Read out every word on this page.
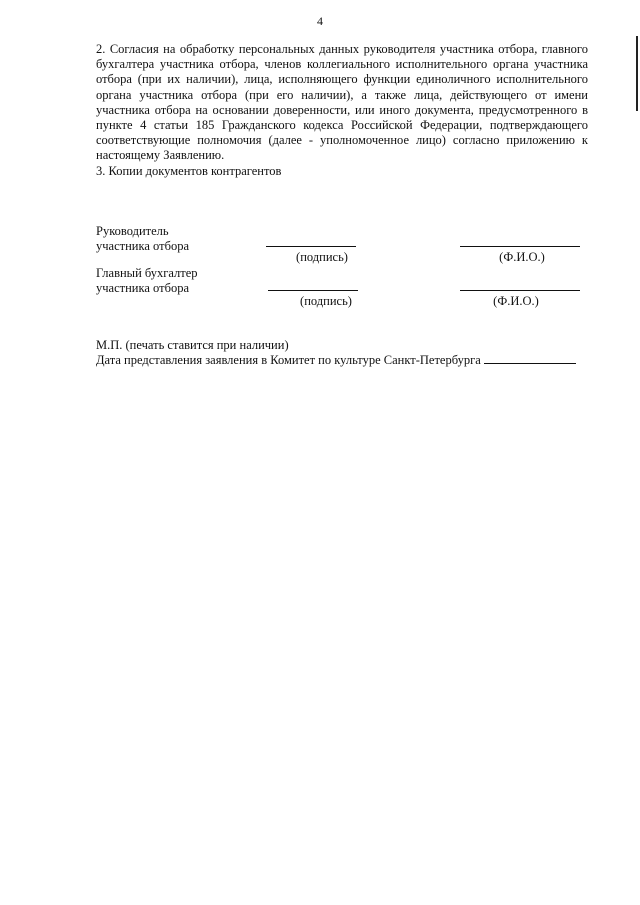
4

2. Согласия на обработку персональных данных руководителя участника отбора, главного бухгалтера участника отбора, членов коллегиального исполнительного органа участника отбора (при их наличии), лица, исполняющего функции единоличного исполнительного органа участника отбора (при его наличии), а также лица, действующего от имени участника отбора на основании доверенности, или иного документа, предусмотренного в пункте 4 статьи 185 Гражданского кодекса Российской Федерации, подтверждающего соответствующие полномочия (далее - уполномоченное лицо) согласно приложению к настоящему Заявлению.

3. Копии документов контрагентов

Руководитель

участника отбора

(подпись)	(Ф.И.О.)

Главный бухгалтер

участника отбора

(подпись)	(Ф.И.О.)

М.П. (печать ставится при наличии)

Дата представления заявления в Комитет по культуре Санкт-Петербурга
